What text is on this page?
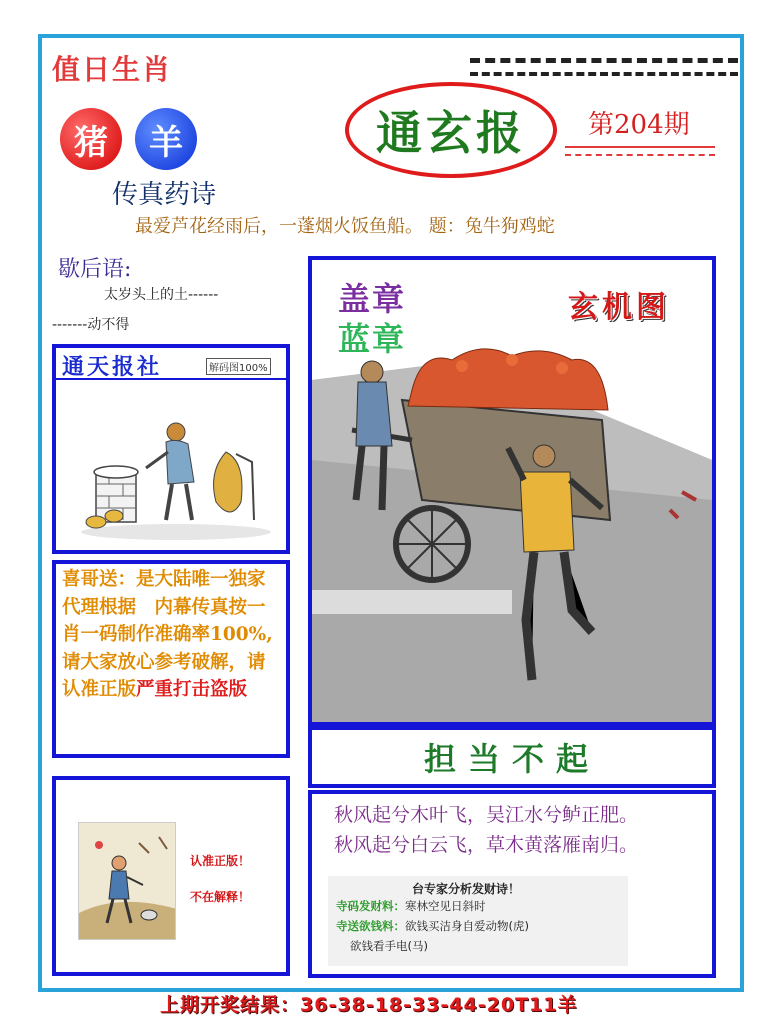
值日生肖
猪	羊
传真药诗
通玄报 第204期
最爱芦花经雨后，一蓬烟火饭鱼船。 题：兔牛狗鸡蛇
歇后语:
太岁头上的土------
-------动不得
通天报社	解码图100%
喜哥送：是大陆唯一独家代理根据　内幕传真按一肖一码制作准确率100%,请大家放心参考破解，请认准正版严重打击盗版
认准正版！
不在解释！
盖章
蓝章
玄机图
担当不起
秋风起兮木叶飞，吴江水兮鲈正肥。
秋风起兮白云飞，草木黄落雁南归。
台专家分析发财诗！
寺码发财料：寒林空见日斜时
寺送欲钱料：欲钱买洁身自爱动物(虎)
欲钱看手电(马)
上期开奖结果：36-38-18-33-44-20T11羊
